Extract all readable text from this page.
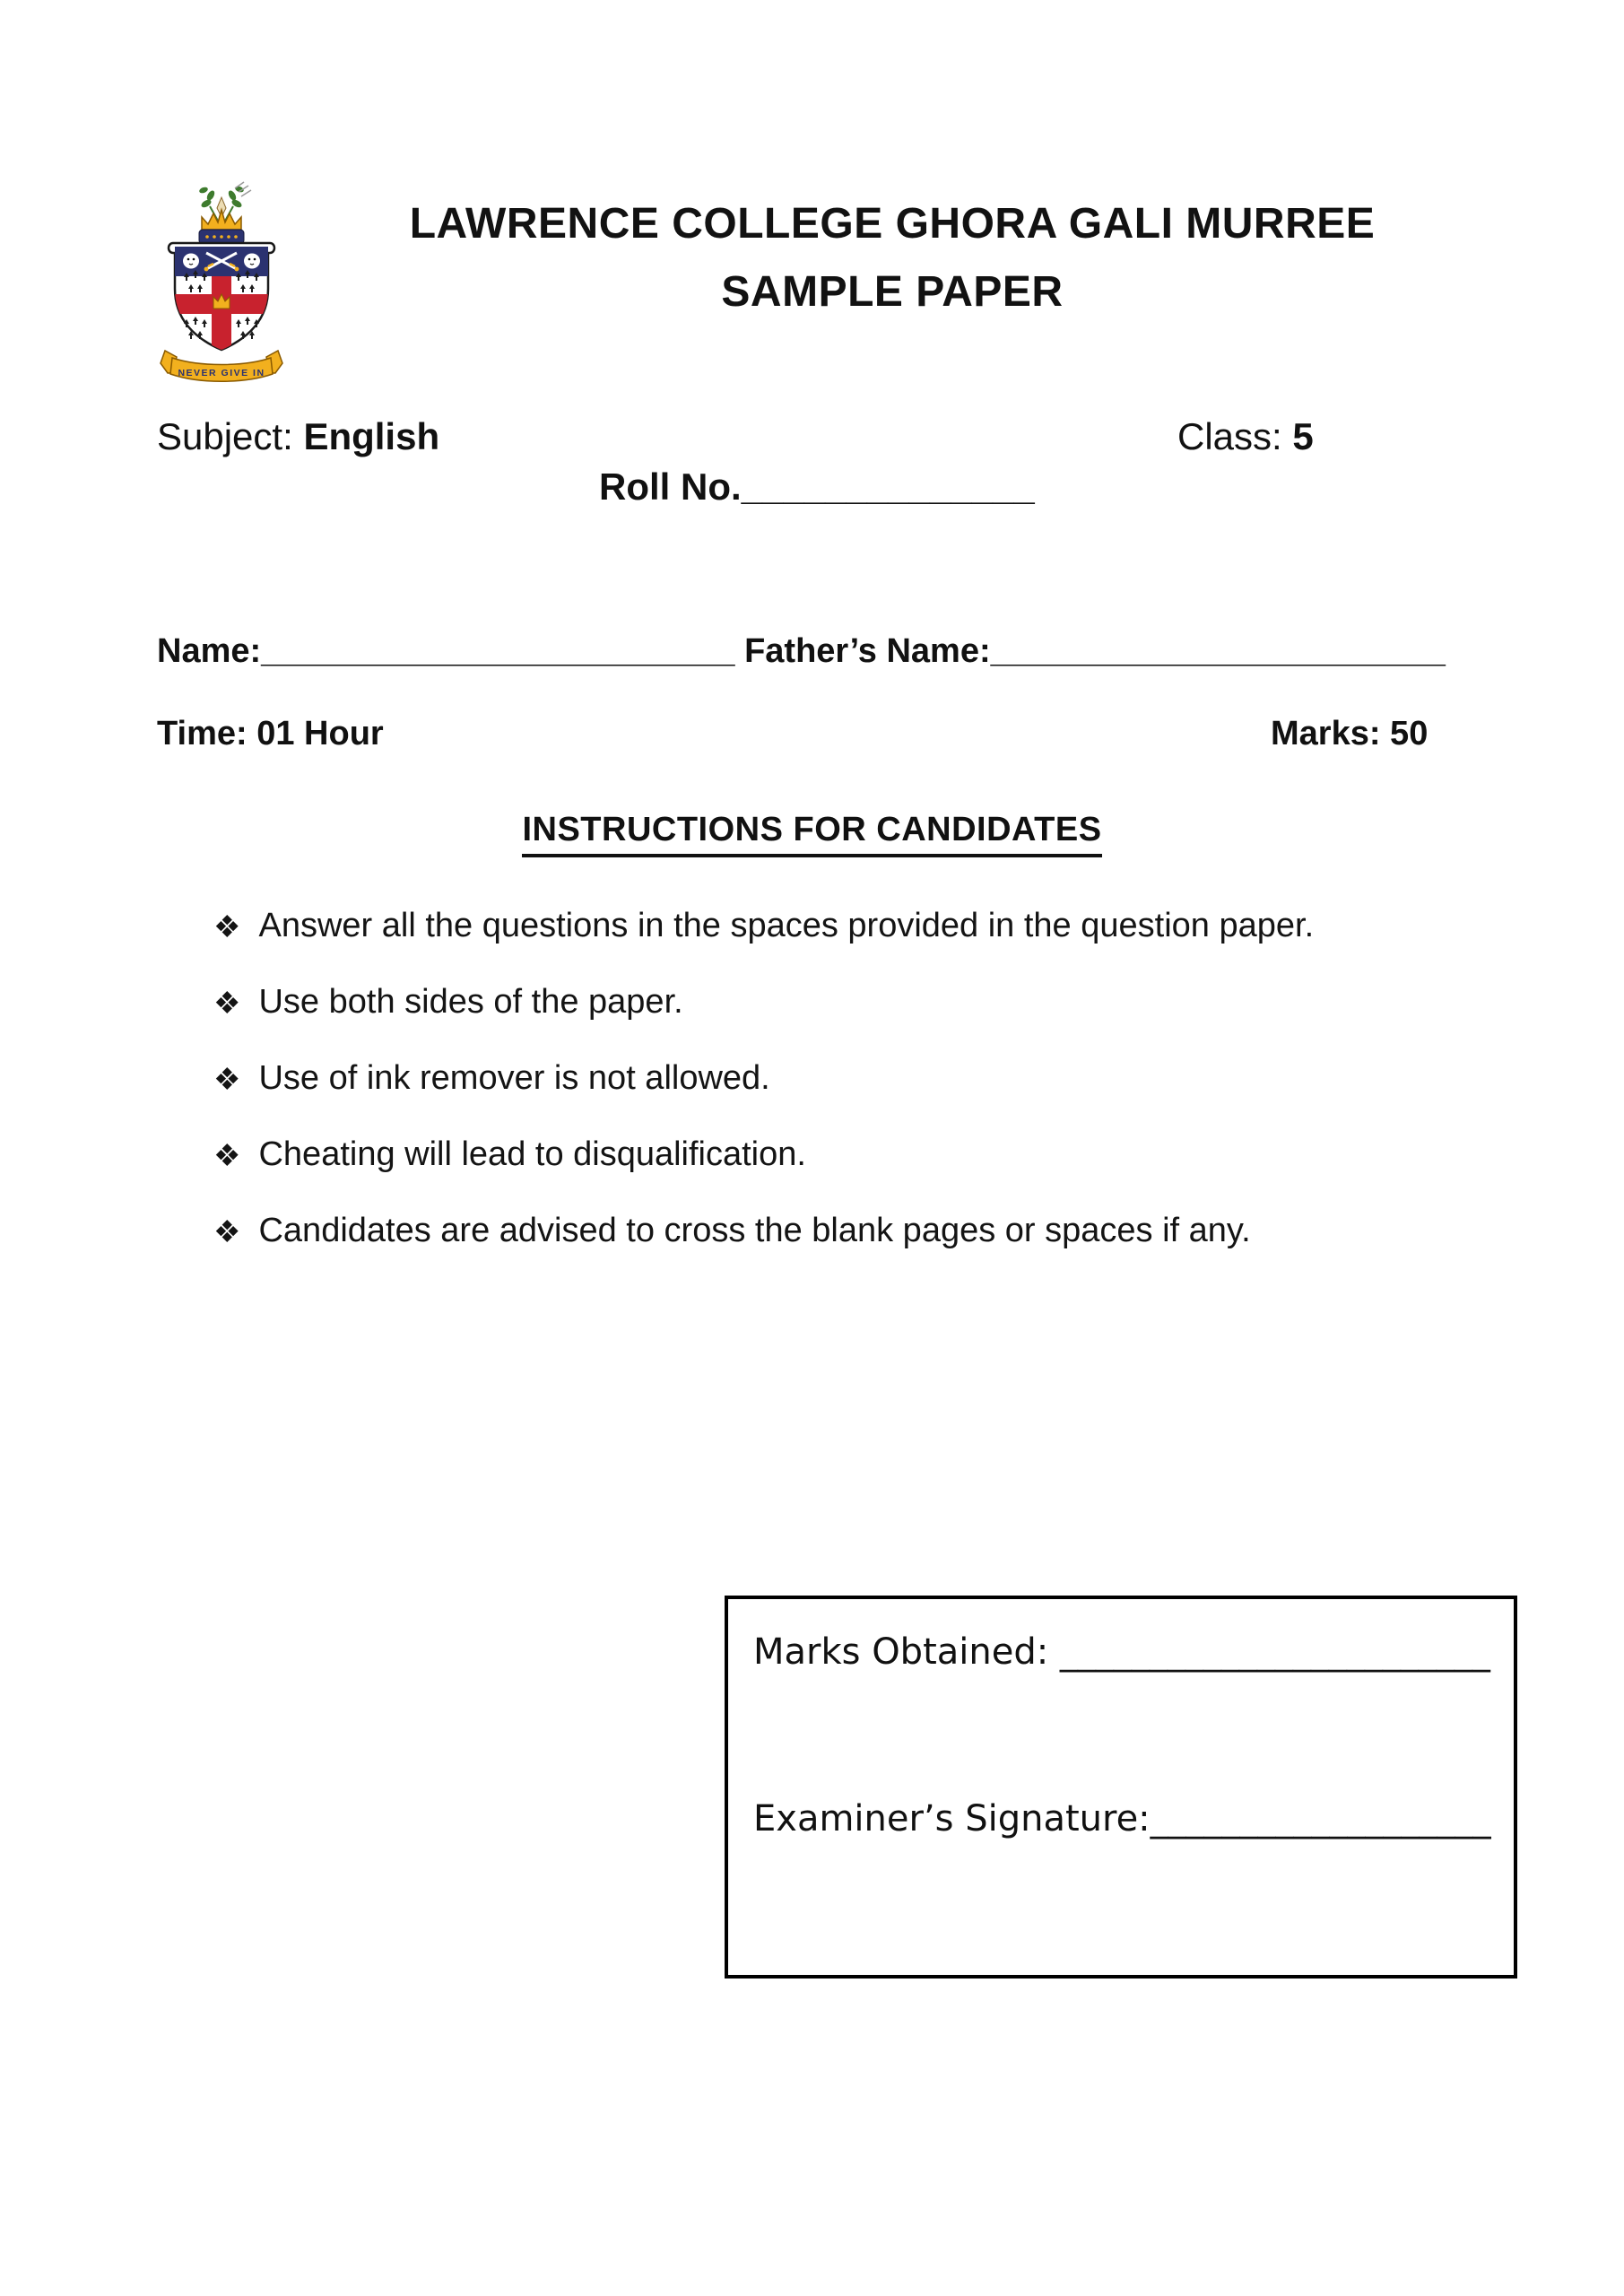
NEVER GIVE IN
LAWRENCE COLLEGE GHORA GALI MURREE
SAMPLE PAPER
Subject: English	Class: 5
Roll No.______________
Name:_________________________ Father’s Name:________________________
Time: 01 Hour	Marks: 50
INSTRUCTIONS FOR CANDIDATES
❖ Answer all the questions in the spaces provided in the question paper.
❖ Use both sides of the paper.
❖ Use of ink remover is not allowed.
❖ Cheating will lead to disqualification.
❖ Candidates are advised to cross the blank pages or spaces if any.
Marks Obtained: ________________________
Examiner’s Signature:___________________
